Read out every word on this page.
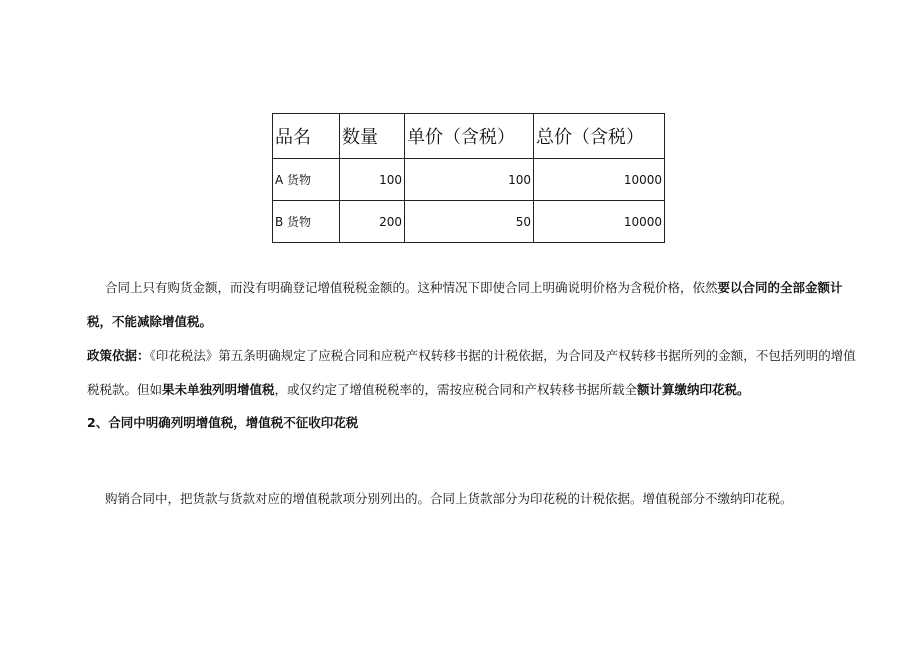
品名	数量	单价（含税）	总价（含税）
A 货物	100	100	10000
B 货物	200	50	10000

合同上只有购货金额，而没有明确登记增值税税金额的。这种情况下即使合同上明确说明价格为含税价格，依然要以合同的全部金额计税，不能减除增值税。

政策依据：《印花税法》第五条明确规定了应税合同和应税产权转移书据的计税依据，为合同及产权转移书据所列的金额，不包括列明的增值税税款。但如果未单独列明增值税，或仅约定了增值税税率的，需按应税合同和产权转移书据所载全额计算缴纳印花税。

2、合同中明确列明增值税，增值税不征收印花税

购销合同中，把货款与货款对应的增值税款项分别列出的。合同上货款部分为印花税的计税依据。增值税部分不缴纳印花税。
